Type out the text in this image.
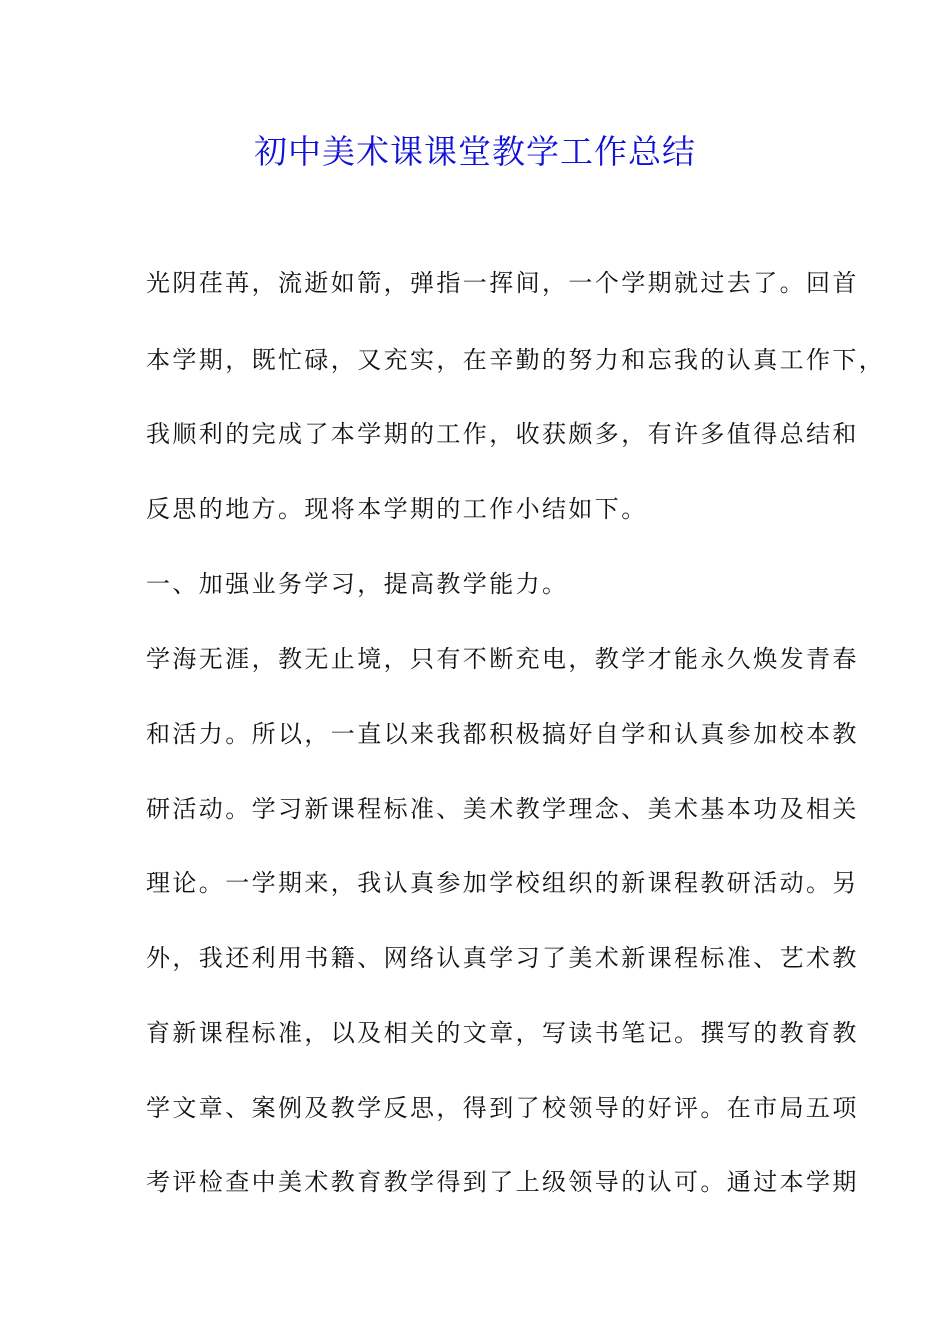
初中美术课课堂教学工作总结
光阴荏苒，流逝如箭，弹指一挥间，一个学期就过去了。回首
本学期，既忙碌，又充实，在辛勤的努力和忘我的认真工作下，
我顺利的完成了本学期的工作，收获颇多，有许多值得总结和
反思的地方。现将本学期的工作小结如下。
一、加强业务学习，提高教学能力。
学海无涯，教无止境，只有不断充电，教学才能永久焕发青春
和活力。所以，一直以来我都积极搞好自学和认真参加校本教
研活动。学习新课程标准、美术教学理念、美术基本功及相关
理论。一学期来，我认真参加学校组织的新课程教研活动。另
外，我还利用书籍、网络认真学习了美术新课程标准、艺术教
育新课程标准，以及相关的文章，写读书笔记。撰写的教育教
学文章、案例及教学反思，得到了校领导的好评。在市局五项
考评检查中美术教育教学得到了上级领导的认可。通过本学期
